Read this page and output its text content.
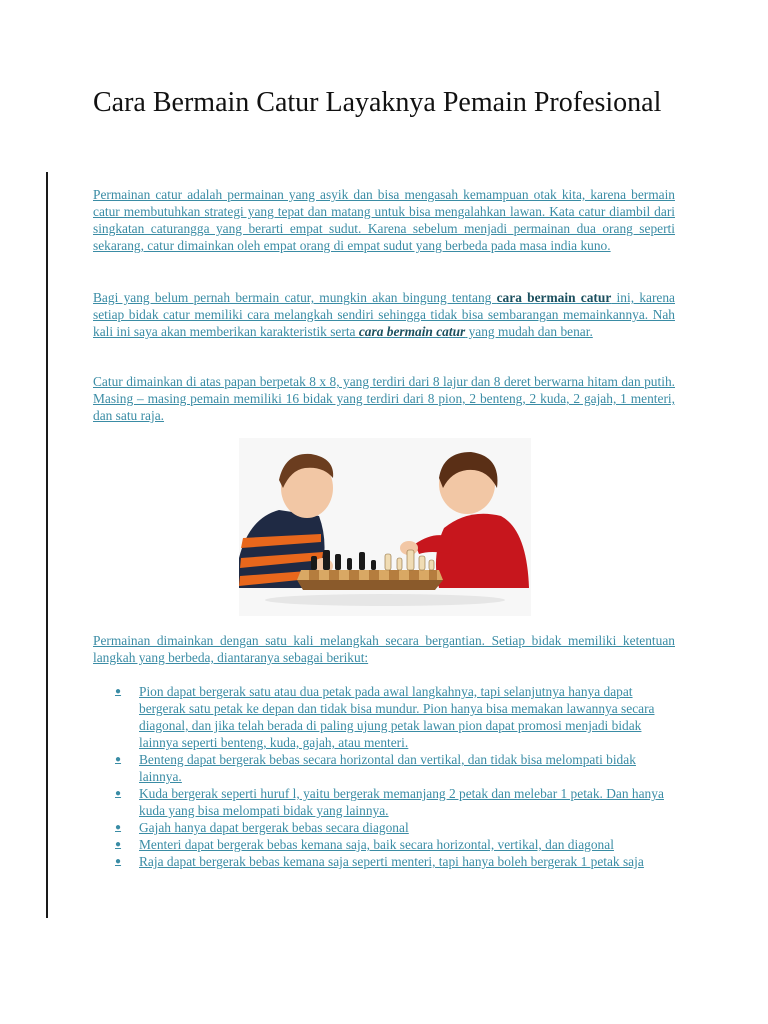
Cara Bermain Catur Layaknya Pemain Profesional

Permainan catur adalah permainan yang asyik dan bisa mengasah kemampuan otak kita, karena bermain catur membutuhkan strategi yang tepat dan matang untuk bisa mengalahkan lawan. Kata catur diambil dari singkatan caturangga yang berarti empat sudut. Karena sebelum menjadi permainan dua orang seperti sekarang, catur dimainkan oleh empat orang di empat sudut yang berbeda pada masa india kuno.

Bagi yang belum pernah bermain catur, mungkin akan bingung tentang cara bermain catur ini, karena setiap bidak catur memiliki cara melangkah sendiri sehingga tidak bisa sembarangan memainkannya. Nah kali ini saya akan memberikan karakteristik serta cara bermain catur yang mudah dan benar.

Catur dimainkan di atas papan berpetak 8 x 8, yang terdiri dari 8 lajur dan 8 deret berwarna hitam dan putih. Masing – masing pemain memiliki 16 bidak yang terdiri dari 8 pion, 2 benteng, 2 kuda, 2 gajah, 1 menteri, dan satu raja.

Permainan dimainkan dengan satu kali melangkah secara bergantian. Setiap bidak memiliki ketentuan langkah yang berbeda, diantaranya sebagai berikut:

●	Pion dapat bergerak satu atau dua petak pada awal langkahnya, tapi selanjutnya hanya dapat bergerak satu petak ke depan dan tidak bisa mundur. Pion hanya bisa memakan lawannya secara diagonal, dan jika telah berada di paling ujung petak lawan pion dapat promosi menjadi bidak lainnya seperti benteng, kuda, gajah, atau menteri.
●	Benteng dapat bergerak bebas secara horizontal dan vertikal, dan tidak bisa melompati bidak lainnya.
●	Kuda bergerak seperti huruf l, yaitu bergerak memanjang 2 petak dan melebar 1 petak. Dan hanya kuda yang bisa melompati bidak yang lainnya.
●	Gajah hanya dapat bergerak bebas secara diagonal
●	Menteri dapat bergerak bebas kemana saja, baik secara horizontal, vertikal, dan diagonal
●	Raja dapat bergerak bebas kemana saja seperti menteri, tapi hanya boleh bergerak 1 petak saja
